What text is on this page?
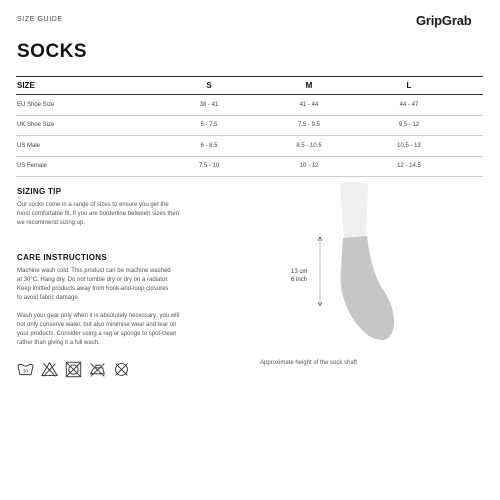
SIZE GUIDE	GripGrab
SOCKS
SIZE	S	M	L
EU Shoe Size	38 - 41	41 - 44	44 - 47
UK Shoe Size	5 - 7.5	7.5 - 9.5	9.5 - 12
US Male	6 - 8.5	8.5 - 10.5	10.5 - 13
US Female	7.5 - 10	10 - 12	12 - 14.5
SIZING TIP
Our socks come in a range of sizes to ensure you get the
most comfortable fit. If you are borderline between sizes then
we recommend sizing up.
CARE INSTRUCTIONS
Machine wash cold. This product can be machine washed
at 30°C. Hang dry. Do not tumble dry or dry on a radiator.
Keep knitted products away from hook-and-loop closures
to avoid fabric damage.
Wash your gear only when it is absolutely necessary; you will
not only conserve water, but also minimise wear and tear on
your products. Consider using a rag or sponge to spot-clean
rather than giving it a full wash.
30
13 cm
6 inch
Approximate height of the sock shaft
